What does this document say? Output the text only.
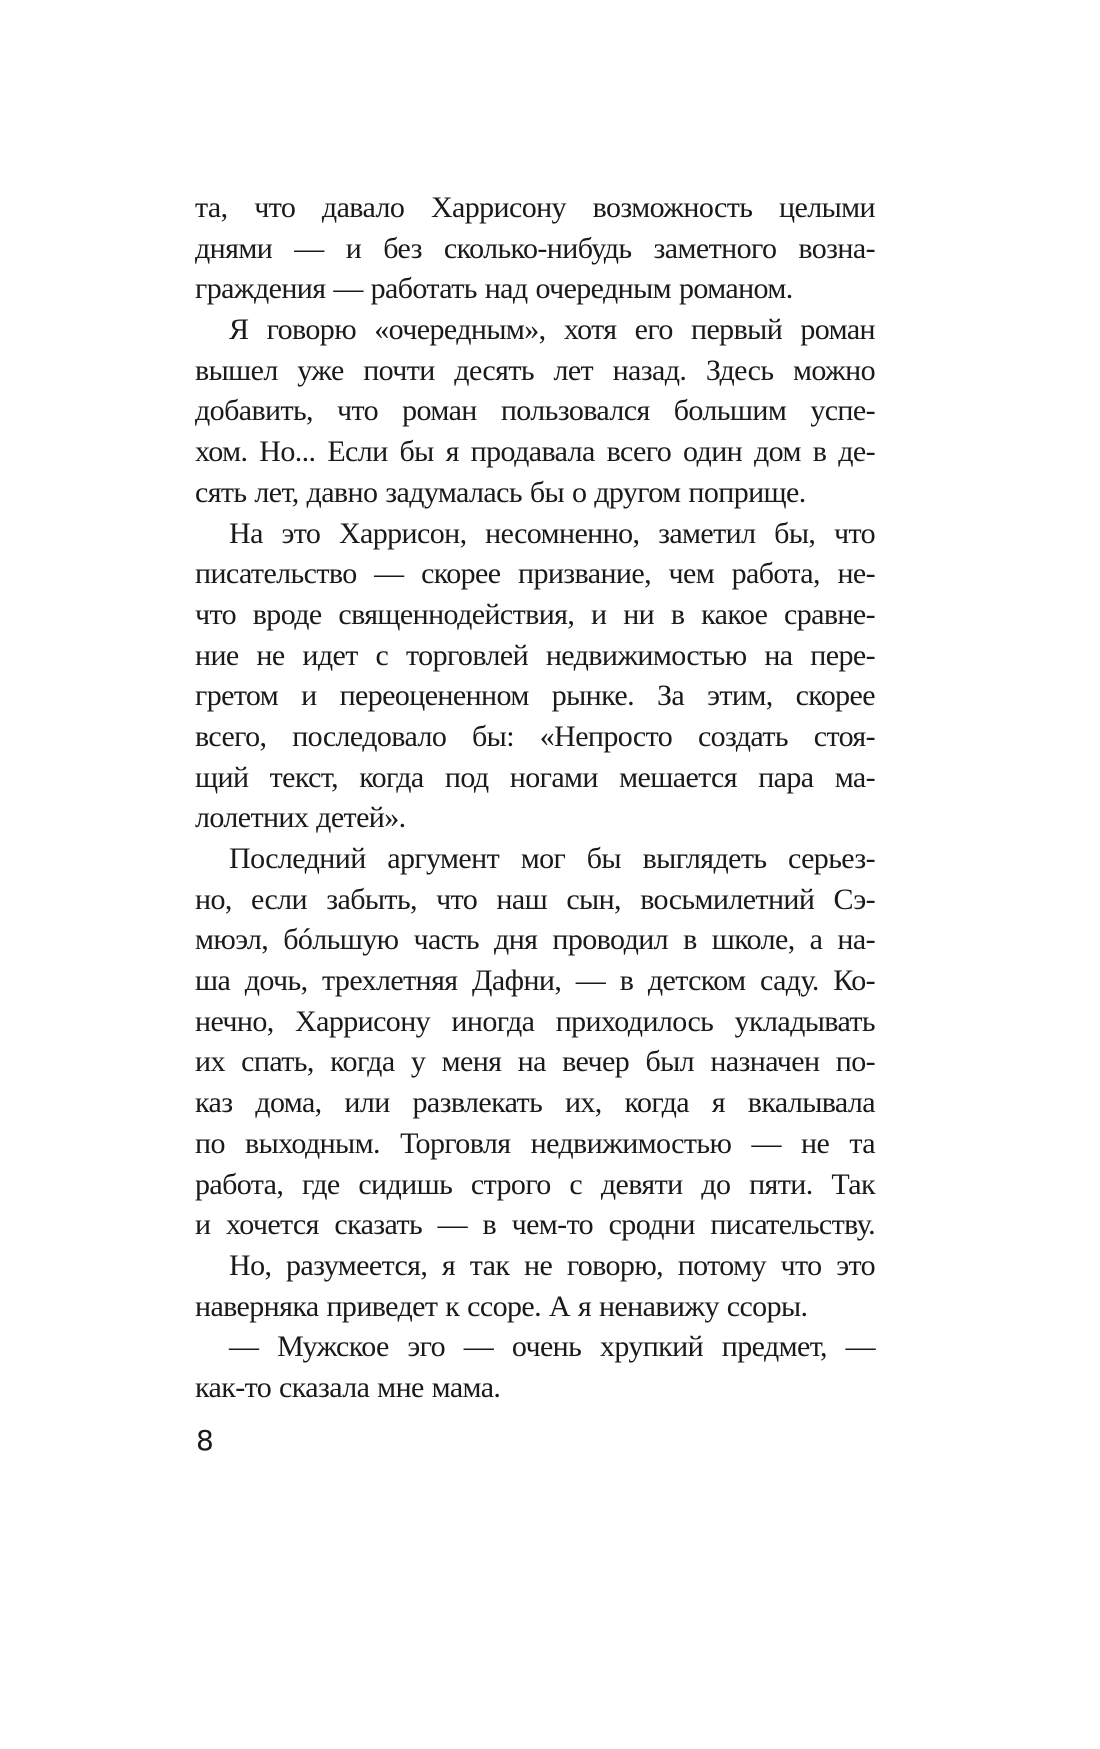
та, что давало Харрисону возможность целыми
днями — и без сколько-нибудь заметного возна-
граждения — работать над очередным романом.
Я говорю «очередным», хотя его первый роман
вышел уже почти десять лет назад. Здесь можно
добавить, что роман пользовался большим успе-
хом. Но... Если бы я продавала всего один дом в де-
сять лет, давно задумалась бы о другом поприще.
На это Харрисон, несомненно, заметил бы, что
писательство — скорее призвание, чем работа, не-
что вроде священнодействия, и ни в какое сравне-
ние не идет с торговлей недвижимостью на пере-
гретом и переоцененном рынке. За этим, скорее
всего, последовало бы: «Непросто создать стоя-
щий текст, когда под ногами мешается пара ма-
лолетних детей».
Последний аргумент мог бы выглядеть серьез-
но, если забыть, что наш сын, восьмилетний Сэ-
мюэл, бóльшую часть дня проводил в школе, а на-
ша дочь, трехлетняя Дафни, — в детском саду. Ко-
нечно, Харрисону иногда приходилось укладывать
их спать, когда у меня на вечер был назначен по-
каз дома, или развлекать их, когда я вкалывала
по выходным. Торговля недвижимостью — не та
работа, где сидишь строго с девяти до пяти. Так
и хочется сказать — в чем-то сродни писательству.
Но, разумеется, я так не говорю, потому что это
наверняка приведет к ссоре. А я ненавижу ссоры.
— Мужское эго — очень хрупкий предмет, —
как-то сказала мне мама.
8
